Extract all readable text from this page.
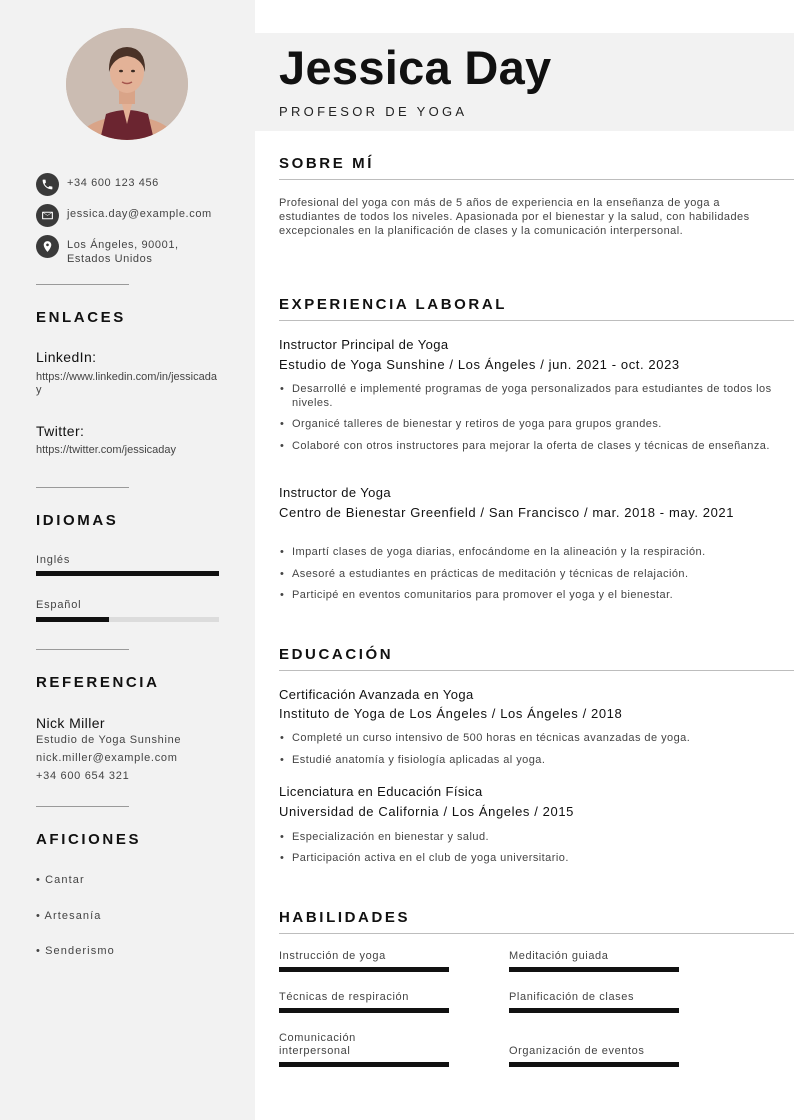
+34 600 123 456
jessica.day@example.com
Los Ángeles, 90001, Estados Unidos
ENLACES
LinkedIn:
https://www.linkedin.com/in/jessicaday
Twitter:
https://twitter.com/jessicaday
IDIOMAS
Inglés
Español
REFERENCIA
Nick Miller
Estudio de Yoga Sunshine
nick.miller@example.com
+34 600 654 321
AFICIONES
• Cantar
• Artesanía
• Senderismo
Jessica Day
PROFESOR DE YOGA
SOBRE MÍ
Profesional del yoga con más de 5 años de experiencia en la enseñanza de yoga a estudiantes de todos los niveles. Apasionada por el bienestar y la salud, con habilidades excepcionales en la planificación de clases y la comunicación interpersonal.
EXPERIENCIA LABORAL
Instructor Principal de Yoga
Estudio de Yoga Sunshine / Los Ángeles / jun. 2021 - oct. 2023
• Desarrollé e implementé programas de yoga personalizados para estudiantes de todos los niveles.
• Organicé talleres de bienestar y retiros de yoga para grupos grandes.
• Colaboré con otros instructores para mejorar la oferta de clases y técnicas de enseñanza.
Instructor de Yoga
Centro de Bienestar Greenfield / San Francisco / mar. 2018 - may. 2021
• Impartí clases de yoga diarias, enfocándome en la alineación y la respiración.
• Asesoré a estudiantes en prácticas de meditación y técnicas de relajación.
• Participé en eventos comunitarios para promover el yoga y el bienestar.
EDUCACIÓN
Certificación Avanzada en Yoga
Instituto de Yoga de Los Ángeles / Los Ángeles / 2018
• Completé un curso intensivo de 500 horas en técnicas avanzadas de yoga.
• Estudié anatomía y fisiología aplicadas al yoga.
Licenciatura en Educación Física
Universidad de California / Los Ángeles / 2015
• Especialización en bienestar y salud.
• Participación activa en el club de yoga universitario.
HABILIDADES
Instrucción de yoga	Meditación guiada
Técnicas de respiración	Planificación de clases
Comunicación interpersonal	Organización de eventos
